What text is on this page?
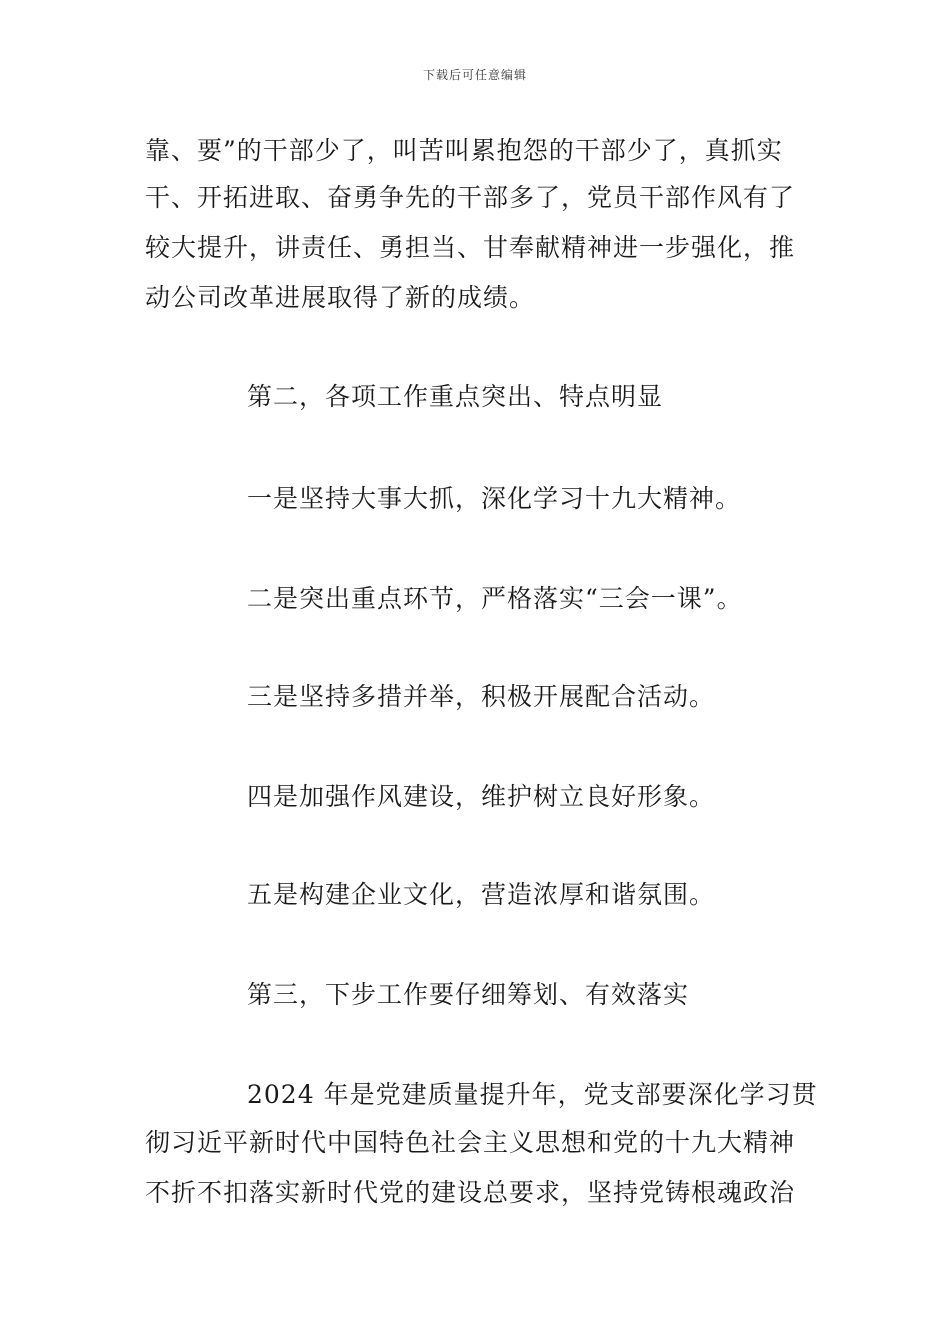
下载后可任意编辑
靠、要”的干部少了，叫苦叫累抱怨的干部少了，真抓实
干、开拓进取、奋勇争先的干部多了，党员干部作风有了
较大提升，讲责任、勇担当、甘奉献精神进一步强化，推
动公司改革进展取得了新的成绩。
第二，各项工作重点突出、特点明显
一是坚持大事大抓，深化学习十九大精神。
二是突出重点环节，严格落实“三会一课”。
三是坚持多措并举，积极开展配合活动。
四是加强作风建设，维护树立良好形象。
五是构建企业文化，营造浓厚和谐氛围。
第三，下步工作要仔细筹划、有效落实
2024 年是党建质量提升年，党支部要深化学习贯
彻习近平新时代中国特色社会主义思想和党的十九大精神
不折不扣落实新时代党的建设总要求，坚持党铸根魂政治
